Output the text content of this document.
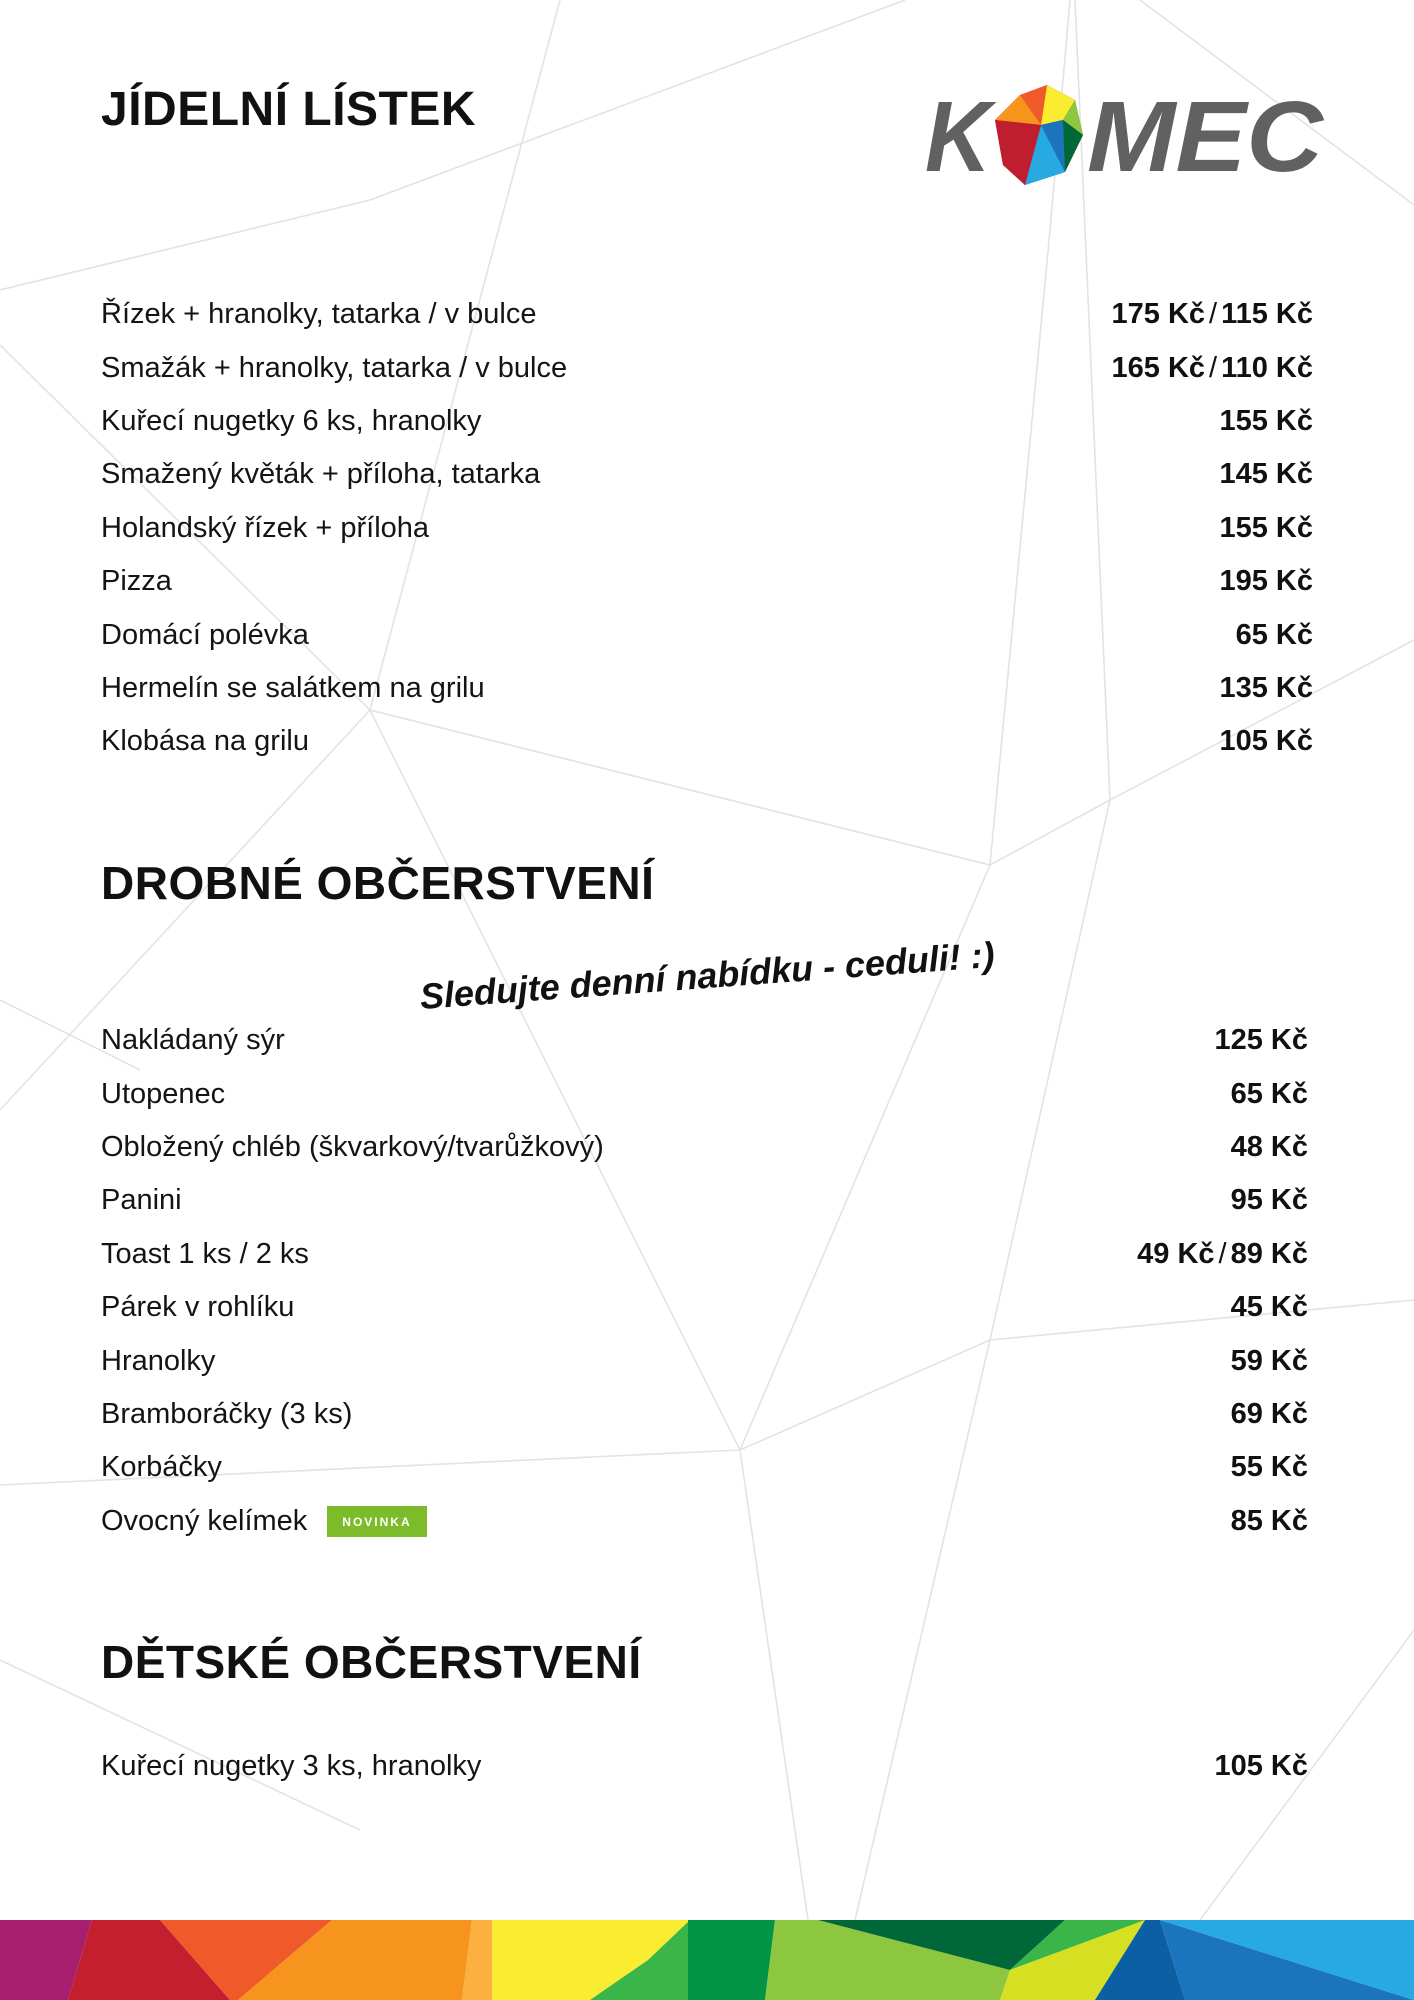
JÍDELNÍ LÍSTEK	K MEC
Řízek + hranolky, tatarka / v bulce	175 Kč / 115 Kč
Smažák + hranolky, tatarka / v bulce	165 Kč / 110 Kč
Kuřecí nugetky 6 ks, hranolky	155 Kč
Smažený květák + příloha, tatarka	145 Kč
Holandský řízek + příloha	155 Kč
Pizza	195 Kč
Domácí polévka	65 Kč
Hermelín se salátkem na grilu	135 Kč
Klobása na grilu	105 Kč
DROBNÉ OBČERSTVENÍ

Sledujte denní nabídku - ceduli! :)

Nakládaný sýr	125 Kč
Utopenec	65 Kč
Obložený chléb (škvarkový/tvarůžkový)	48 Kč
Panini	95 Kč
Toast 1 ks / 2 ks	49 Kč / 89 Kč
Párek v rohlíku	45 Kč
Hranolky	59 Kč
Bramboráčky (3 ks)	69 Kč
Korbáčky	55 Kč
Ovocný kelímek	NOVINKA	85 Kč
DĚTSKÉ OBČERSTVENÍ
Kuřecí nugetky 3 ks, hranolky	105 Kč
